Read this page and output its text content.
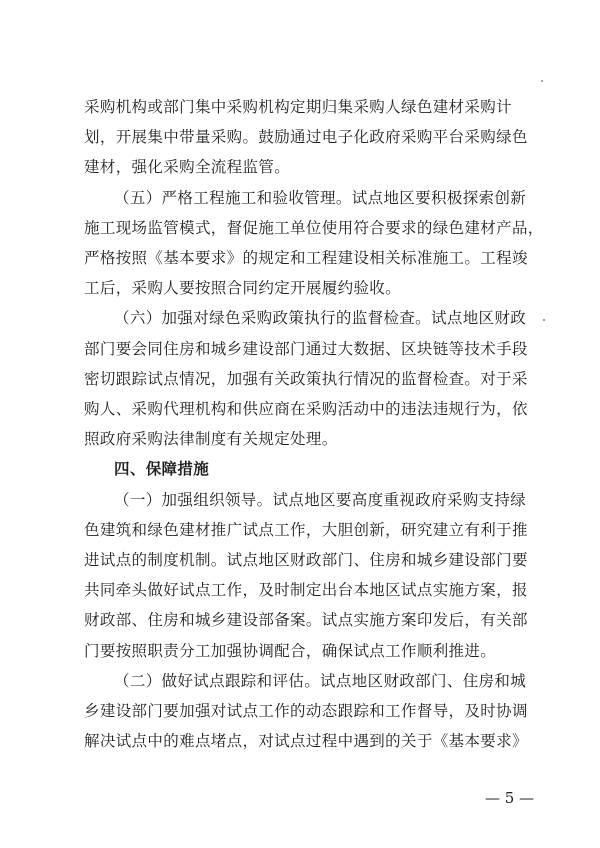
采购机构或部门集中采购机构定期归集采购人绿色建材采购计
划，开展集中带量采购。鼓励通过电子化政府采购平台采购绿色
建材，强化采购全流程监管。
（五）严格工程施工和验收管理。试点地区要积极探索创新
施工现场监管模式，督促施工单位使用符合要求的绿色建材产品，
严格按照《基本要求》的规定和工程建设相关标准施工。工程竣
工后，采购人要按照合同约定开展履约验收。
（六）加强对绿色采购政策执行的监督检查。试点地区财政
部门要会同住房和城乡建设部门通过大数据、区块链等技术手段
密切跟踪试点情况，加强有关政策执行情况的监督检查。对于采
购人、采购代理机构和供应商在采购活动中的违法违规行为，依
照政府采购法律制度有关规定处理。
四、保障措施
（一）加强组织领导。试点地区要高度重视政府采购支持绿
色建筑和绿色建材推广试点工作，大胆创新，研究建立有利于推
进试点的制度机制。试点地区财政部门、住房和城乡建设部门要
共同牵头做好试点工作，及时制定出台本地区试点实施方案，报
财政部、住房和城乡建设部备案。试点实施方案印发后，有关部
门要按照职责分工加强协调配合，确保试点工作顺利推进。
（二）做好试点跟踪和评估。试点地区财政部门、住房和城
乡建设部门要加强对试点工作的动态跟踪和工作督导，及时协调
解决试点中的难点堵点，对试点过程中遇到的关于《基本要求》
— 5 —
